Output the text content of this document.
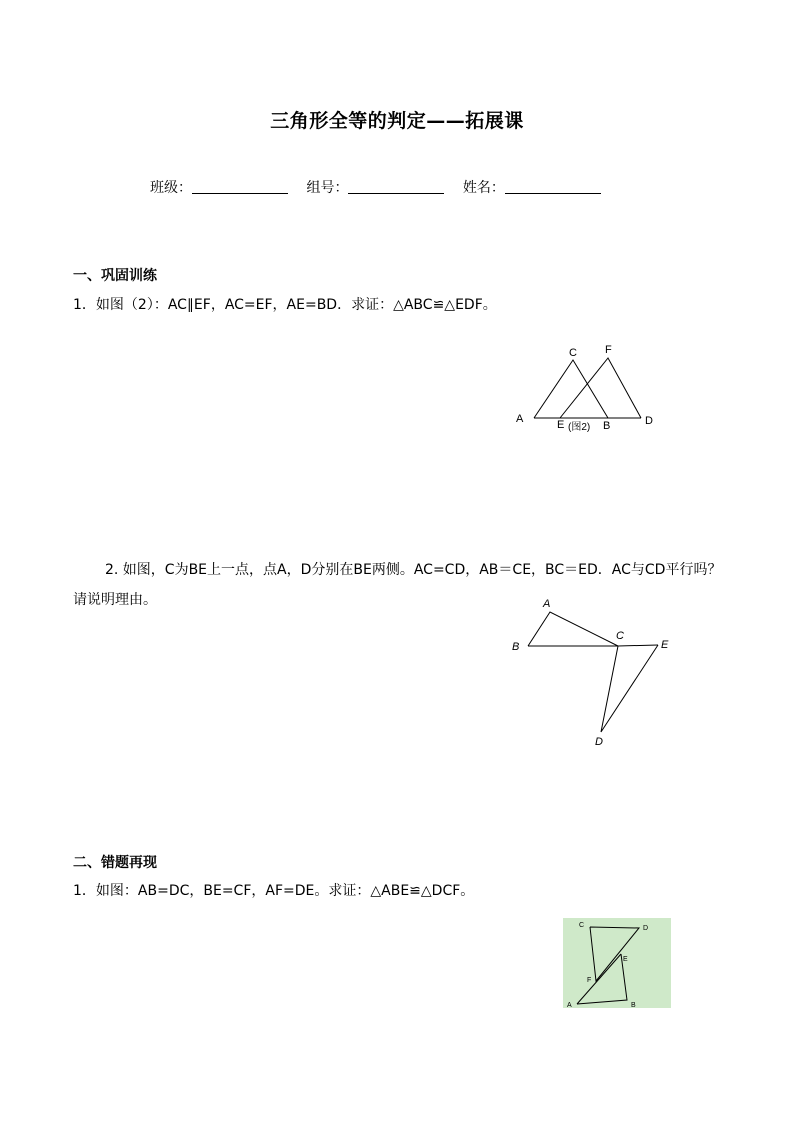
三角形全等的判定——拓展课
班级：	组号：	姓名：
一、巩固训练
1．如图（2）：AC∥EF，AC=EF，AE=BD．求证：△ABC≌△EDF。
C	F
A	D
E	B
(图2)
2. 如图，C为BE上一点，点A，D分别在BE两侧。AC=CD，AB＝CE，BC＝ED．AC与CD平行吗？请说明理由。	A
B
C
E
D
二、错题再现
1．如图：AB=DC，BE=CF，AF=DE。求证：△ABE≌△DCF。
C	D
E
F
A	B
